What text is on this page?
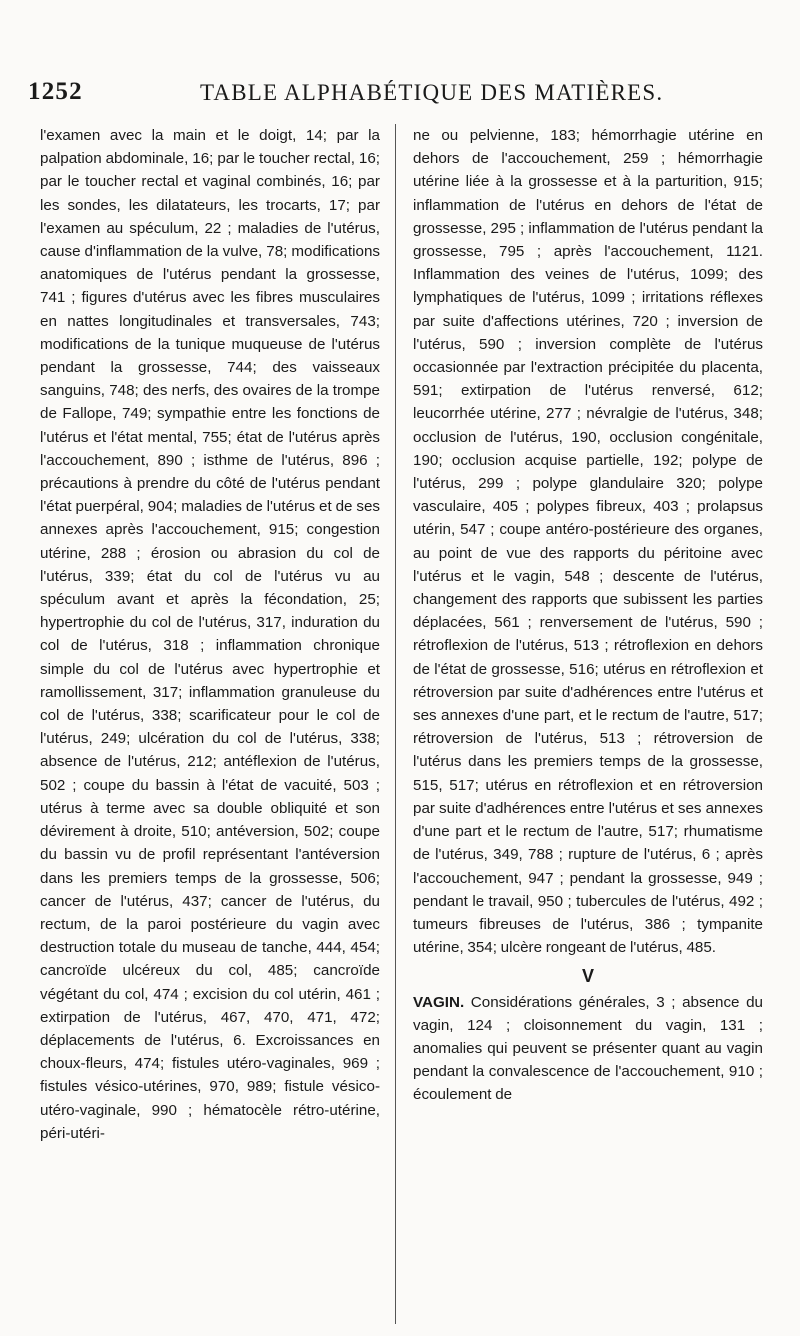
1252	TABLE ALPHABÉTIQUE DES MATIÈRES.

l'examen avec la main et le doigt, 14; par la palpation abdominale, 16; par le toucher rectal, 16; par le toucher rectal et vaginal combinés, 16; par les sondes, les dilatateurs, les trocarts, 17; par l'examen au spéculum, 22 ; maladies de l'utérus, cause d'inflammation de la vulve, 78; modifications anatomiques de l'utérus pendant la grossesse, 741 ; figures d'utérus avec les fibres musculaires en nattes longitudinales et transversales, 743; modifications de la tunique muqueuse de l'utérus pendant la grossesse, 744; des vaisseaux sanguins, 748; des nerfs, des ovaires de la trompe de Fallope, 749; sympathie entre les fonctions de l'utérus et l'état mental, 755; état de l'utérus après l'accouchement, 890 ; isthme de l'utérus, 896 ; précautions à prendre du côté de l'utérus pendant l'état puerpéral, 904; maladies de l'utérus et de ses annexes après l'accouchement, 915; congestion utérine, 288 ; érosion ou abrasion du col de l'utérus, 339; état du col de l'utérus vu au spéculum avant et après la fécondation, 25; hypertrophie du col de l'utérus, 317, induration du col de l'utérus, 318 ; inflammation chronique simple du col de l'utérus avec hypertrophie et ramollissement, 317; inflammation granuleuse du col de l'utérus, 338; scarificateur pour le col de l'utérus, 249; ulcération du col de l'utérus, 338; absence de l'utérus, 212; antéflexion de l'utérus, 502 ; coupe du bassin à l'état de vacuité, 503 ; utérus à terme avec sa double obliquité et son dévirement à droite, 510; antéversion, 502; coupe du bassin vu de profil représentant l'antéversion dans les premiers temps de la grossesse, 506; cancer de l'utérus, 437; cancer de l'utérus, du rectum, de la paroi postérieure du vagin avec destruction totale du museau de tanche, 444, 454; cancroïde ulcéreux du col, 485; cancroïde végétant du col, 474 ; excision du col utérin, 461 ; extirpation de l'utérus, 467, 470, 471, 472; déplacements de l'utérus, 6. Excroissances en choux-fleurs, 474; fistules utéro-vaginales, 969 ; fistules vésico-utérines, 970, 989; fistule vésico-utéro-vaginale, 990 ; hématocèle rétro-utérine, péri-utéri-

ne ou pelvienne, 183; hémorrhagie utérine en dehors de l'accouchement, 259 ; hémorrhagie utérine liée à la grossesse et à la parturition, 915; inflammation de l'utérus en dehors de l'état de grossesse, 295 ; inflammation de l'utérus pendant la grossesse, 795 ; après l'accouchement, 1121. Inflammation des veines de l'utérus, 1099; des lymphatiques de l'utérus, 1099 ; irritations réflexes par suite d'affections utérines, 720 ; inversion de l'utérus, 590 ; inversion complète de l'utérus occasionnée par l'extraction précipitée du placenta, 591; extirpation de l'utérus renversé, 612; leucorrhée utérine, 277 ; névralgie de l'utérus, 348; occlusion de l'utérus, 190, occlusion congénitale, 190; occlusion acquise partielle, 192; polype de l'utérus, 299 ; polype glandulaire 320; polype vasculaire, 405 ; polypes fibreux, 403 ; prolapsus utérin, 547 ; coupe antéro-postérieure des organes, au point de vue des rapports du péritoine avec l'utérus et le vagin, 548 ; descente de l'utérus, changement des rapports que subissent les parties déplacées, 561 ; renversement de l'utérus, 590 ; rétroflexion de l'utérus, 513 ; rétroflexion en dehors de l'état de grossesse, 516; utérus en rétroflexion et rétroversion par suite d'adhérences entre l'utérus et ses annexes d'une part, et le rectum de l'autre, 517; rétroversion de l'utérus, 513 ; rétroversion de l'utérus dans les premiers temps de la grossesse, 515, 517; utérus en rétroflexion et en rétroversion par suite d'adhérences entre l'utérus et ses annexes d'une part et le rectum de l'autre, 517; rhumatisme de l'utérus, 349, 788 ; rupture de l'utérus, 6 ; après l'accouchement, 947 ; pendant la grossesse, 949 ; pendant le travail, 950 ; tubercules de l'utérus, 492 ; tumeurs fibreuses de l'utérus, 386 ; tympanite utérine, 354; ulcère rongeant de l'utérus, 485.

V

VAGIN. Considérations générales, 3 ; absence du vagin, 124 ; cloisonnement du vagin, 131 ; anomalies qui peuvent se présenter quant au vagin pendant la convalescence de l'accouchement, 910 ; écoulement de
